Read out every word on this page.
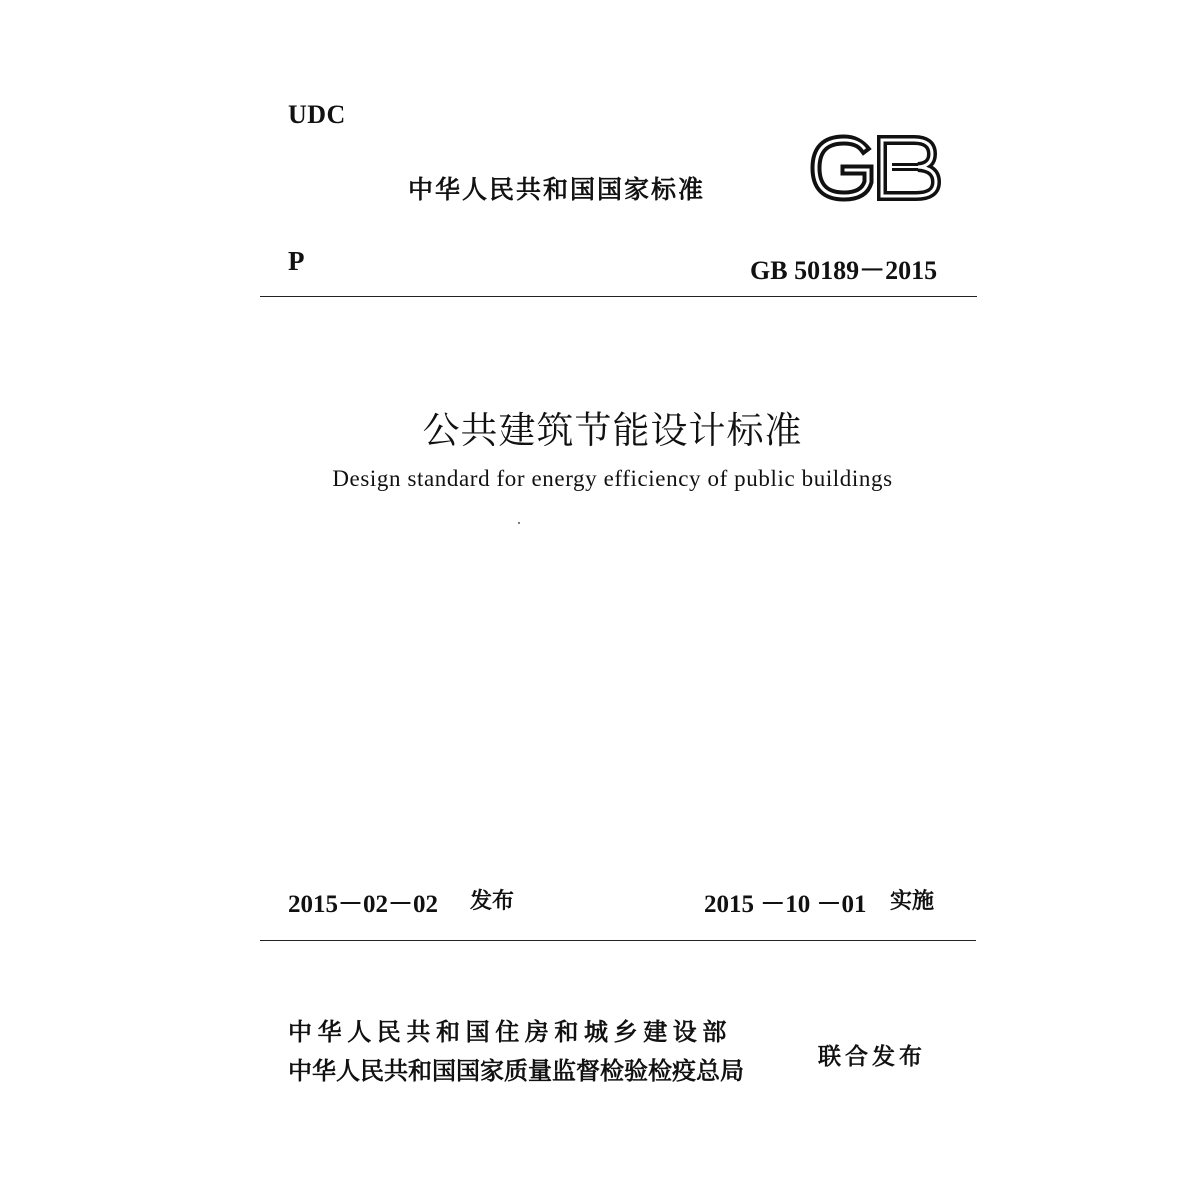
UDC
中华人民共和国国家标准
P	GB 50189－2015
公共建筑节能设计标准
Design standard for energy efficiency of public buildings
2015－02－02 发布	2015 －10 －01 实施
中华人民共和国住房和城乡建设部
中华人民共和国国家质量监督检验检疫总局	联合发布
